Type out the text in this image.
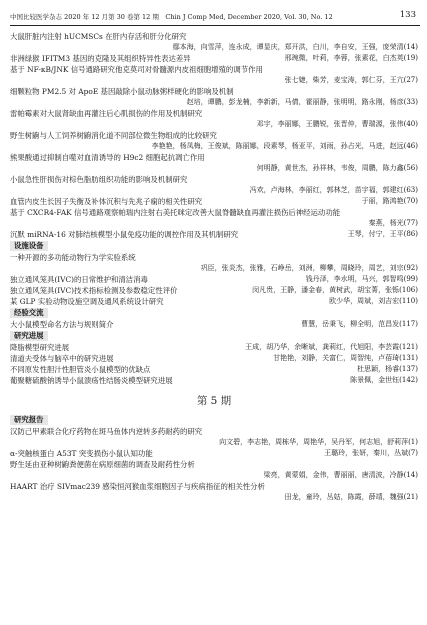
中国比较医学杂志 2020 年 12 月第 30 卷第 12 期　Chin J Comp Med, December 2020, Vol. 30, No. 12	133
大鼠肝脏内注射 hUCMSCs 在肝内存活和肝分化研究
鄢本海，向雪萍，连永成，谭显庆，郑开洪，白川，李自安，王强，庞荣清(14)
非洲绿猴 IFITM3 基因的克隆及其组织特异性表达差异	邢琬微，叶莉，李蓉，张素花，白杰英(19)
基于 NF-κB/JNK 信号通路研究他克莫司对骨髓源内皮祖细胞增殖的调节作用
张七婕，柴芳，麦宝涛，郭仁芬，王亢(27)
细颗粒物 PM2.5 对 ApoE 基因敲除小鼠动脉粥样硬化的影响及机制
赵培，谭鹏，彭龙楠，李新新，马倩，霍丽静，张明明，路永刚，杨彦(33)
雷帕霉素对大鼠肾缺血再灌注后心肌损伤的作用及机制研究
邓宇，李丽娜，王鹏锐，张晋仲，曹瑞源，张伟(40)
野生树鼩与人工饲养树鼩消化道不同部位微生物组成的比较研究
李艳艳，杨凤梅，王俊斌，陈丽娜，段素琴，杨亚平，刘雨，孙占光，马进，赵远(46)
熊果酸通过抑制自噬对血清诱导的 H9c2 细胞起抗凋亡作用
何明静，黄世杰，孙祥林，韦俊，周鹏，陈力鑫(56)
小鼠急性肝损伤对棕色脂肪组织功能的影响及机制研究
冯欢，卢海林，李丽红，郭林芝，苗宇福，郭建红(63)
血管内皮生长因子失衡及补体沉积与先兆子痫的相关性研究	于丽，路鸿艳(70)
基于 CXCR4-FAK 信号通路观察帕瑞内注射右美托咪定改善大鼠脊髓缺血再灌注损伤后神经运动功能
秦燕，杨光(77)
沉默 miRNA-16 对肺结核模型小鼠免疫功能的调控作用及其机制研究	王琴，付宁，王平(86)
设施设备
一种开源的多功能动物行为学实验系统
巩臣，张炎杰，张雅，石峥岳，刘洲，柳攀，周晓玲，周艺，刘宗(92)
独立通风笼具(IVC)的日常维护和清洁消毒	钱丹泽，李水明，马兴，郭智鸣(99)
独立通风笼具(IVC)技术指标检测及参数稳定性评价	闵凡贵，王静，潘金春，黄树武，胡宝菁，张铄(106)
某 GLP 实验动物设施空调及通风系统设计研究	欧少华，周斌，刘吉宏(110)
经验交流
大小鼠模型命名方法与规则简介	曹慧，岳秉飞，柳全明，范昌发(117)
研究进展
降脂模型研究进展	王成，胡乃华，余晰斌，龚莉红，代旭阳，李芸霞(121)
清道夫受体与脑卒中的研究进展	甘艳艳，刘静，关富仁，周智纯，卢蓓琦(131)
不同原发性胆汁性胆管炎小鼠模型的优缺点	杜思颖，杨睿(137)
葡聚糖硫酸钠诱导小鼠溃疡性结肠炎模型研究进展	陈景佩，金世钰(142)
第 5 期
研究报告
汉防己甲素联合化疗药物在斑马鱼体内逆转多药耐药的研究
向文碧，李志艳，周栋华，周艳华，吴丹军，何志旭，舒莉萍(1)
α-突触核蛋白 A53T 突变损伤小鼠认知功能	王璐玲，张妍，秦川，丛斌(7)
野生延由亚种树鼩粪便菌在病原细菌的调查及耐药性分析
梁亮，黄蒙娟，金伟，曹丽丽，唐清波，冷静(14)
HAART 治疗 SIVmac239 感染恒河猴血浆细胞因子与疾病指征的相关性分析
田龙，童玲，丛姑，陈霞，薛靖，魏强(21)
